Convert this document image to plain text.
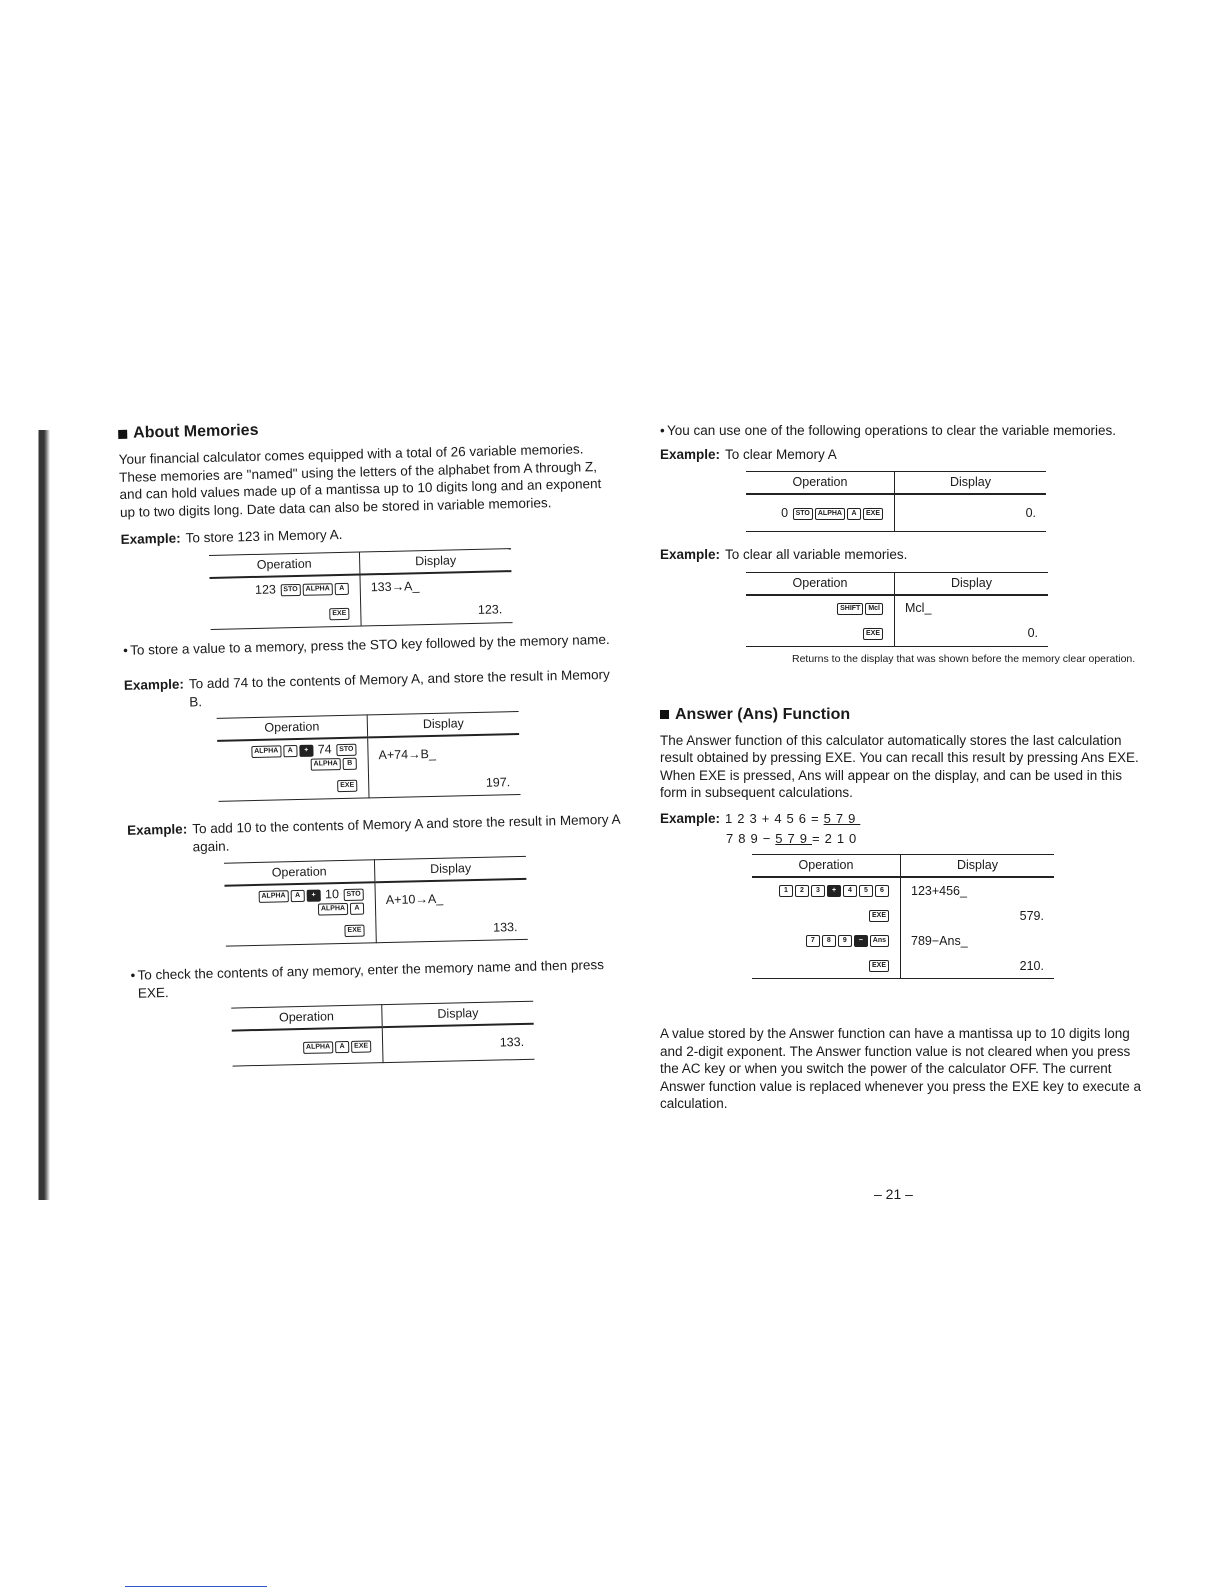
About Memories

Your financial calculator comes equipped with a total of 26 variable memories. These memories are "named" using the letters of the alphabet from A through Z, and can hold values made up of a mantissa up to 10 digits long and an exponent up to two digits long. Date data can also be stored in variable memories.

Example: To store 123 in Memory A.
Operation	Display
123 STO ALPHA A	133→A_
EXE	123.
• To store a value to a memory, press the STO key followed by the memory name.
Example: To add 74 to the contents of Memory A, and store the result in Memory B.
Operation	Display
ALPHA A + 74 STOALPHA B	A+74→B_
EXE	197.
Example: To add 10 to the contents of Memory A and store the result in Memory A again.
Operation	Display
ALPHA A + 10 STOALPHA A	A+10→A_
EXE	133.
• To check the contents of any memory, enter the memory name and then press EXE.
Operation	Display
ALPHA A EXE	133.
• You can use one of the following operations to clear the variable memories.
Example: To clear Memory A
Operation	Display
0 STO ALPHA A EXE	0.
Example: To clear all variable memories.
Operation	Display
SHIFT Mcl	Mcl_
EXE	0.
Returns to the display that was shown before the memory clear operation.
Answer (Ans) Function

The Answer function of this calculator automatically stores the last calculation result obtained by pressing EXE. You can recall this result by pressing Ans EXE.

When EXE is pressed, Ans will appear on the display, and can be used in this form in subsequent calculations.

Example: 123+456=579
789−579=210
Operation	Display
1 2 3 + 4 5 6	123+456_
EXE	579.
7 8 9 − Ans	789−Ans_
EXE	210.

A value stored by the Answer function can have a mantissa up to 10 digits long and 2-digit exponent. The Answer function value is not cleared when you press the AC key or when you switch the power of the calculator OFF. The current Answer function value is replaced whenever you press the EXE key to execute a calculation.

– 21 –
